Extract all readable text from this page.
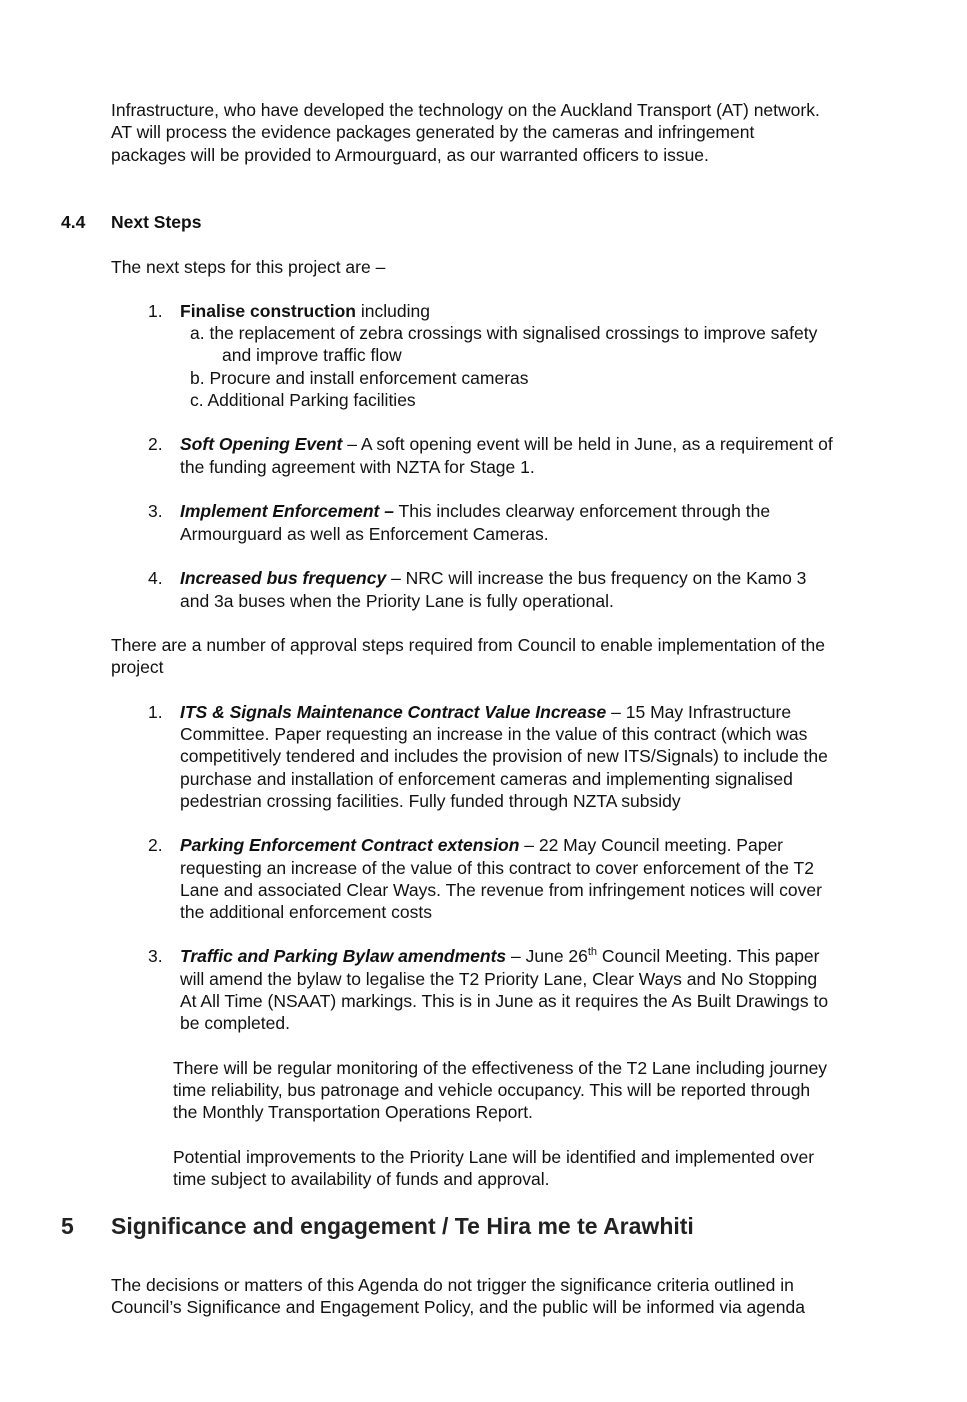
Infrastructure, who have developed the technology on the Auckland Transport (AT) network.

AT will process the evidence packages generated by the cameras and infringement

packages will be provided to Armourguard, as our warranted officers to issue.

4.4 Next Steps

The next steps for this project are –

1. Finalise construction including

a. the replacement of zebra crossings with signalised crossings to improve safety

and improve traffic flow

b. Procure and install enforcement cameras

c. Additional Parking facilities

2. Soft Opening Event – A soft opening event will be held in June, as a requirement of

the funding agreement with NZTA for Stage 1.

3. Implement Enforcement – This includes clearway enforcement through the

Armourguard as well as Enforcement Cameras.

4. Increased bus frequency – NRC will increase the bus frequency on the Kamo 3

and 3a buses when the Priority Lane is fully operational.

There are a number of approval steps required from Council to enable implementation of the

project

1. ITS & Signals Maintenance Contract Value Increase – 15 May Infrastructure

Committee. Paper requesting an increase in the value of this contract (which was

competitively tendered and includes the provision of new ITS/Signals) to include the

purchase and installation of enforcement cameras and implementing signalised

pedestrian crossing facilities. Fully funded through NZTA subsidy

2. Parking Enforcement Contract extension – 22 May Council meeting. Paper

requesting an increase of the value of this contract to cover enforcement of the T2

Lane and associated Clear Ways. The revenue from infringement notices will cover

the additional enforcement costs

3. Traffic and Parking Bylaw amendments – June 26th Council Meeting. This paper

will amend the bylaw to legalise the T2 Priority Lane, Clear Ways and No Stopping

At All Time (NSAAT) markings. This is in June as it requires the As Built Drawings to

be completed.

There will be regular monitoring of the effectiveness of the T2 Lane including journey

time reliability, bus patronage and vehicle occupancy. This will be reported through

the Monthly Transportation Operations Report.

Potential improvements to the Priority Lane will be identified and implemented over

time subject to availability of funds and approval.

5 Significance and engagement / Te Hira me te Arawhiti

The decisions or matters of this Agenda do not trigger the significance criteria outlined in

Council’s Significance and Engagement Policy, and the public will be informed via agenda
